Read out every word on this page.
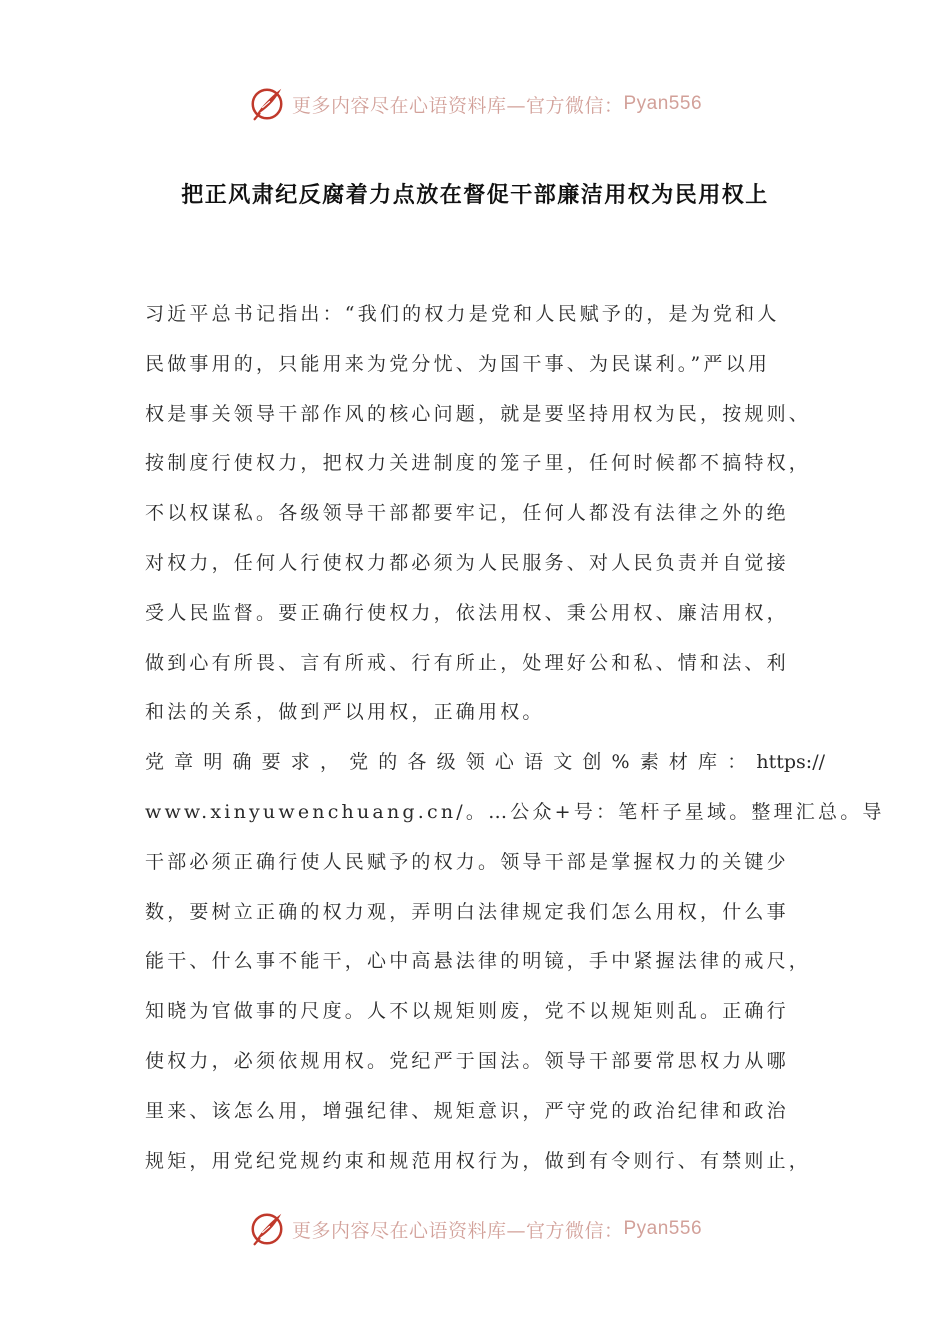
更多内容尽在心语资料库—官方微信： Pyan556
把正风肃纪反腐着力点放在督促干部廉洁用权为民用权上
习近平总书记指出：“我们的权力是党和人民赋予的，是为党和人
民做事用的，只能用来为党分忧、为国干事、为民谋利。”严以用
权是事关领导干部作风的核心问题，就是要坚持用权为民，按规则、
按制度行使权力，把权力关进制度的笼子里，任何时候都不搞特权，
不以权谋私。各级领导干部都要牢记，任何人都没有法律之外的绝
对权力，任何人行使权力都必须为人民服务、对人民负责并自觉接
受人民监督。要正确行使权力，依法用权、秉公用权、廉洁用权，
做到心有所畏、言有所戒、行有所止，处理好公和私、情和法、利
和法的关系，做到严以用权，正确用权。
党章明确要求，党的各级领心语文创%素材库：https://
www.xinyuwenchuang.cn/。…公众+号：笔杆子星域。整理汇总。导
干部必须正确行使人民赋予的权力。领导干部是掌握权力的关键少
数，要树立正确的权力观，弄明白法律规定我们怎么用权，什么事
能干、什么事不能干，心中高悬法律的明镜，手中紧握法律的戒尺，
知晓为官做事的尺度。人不以规矩则废，党不以规矩则乱。正确行
使权力，必须依规用权。党纪严于国法。领导干部要常思权力从哪
里来、该怎么用，增强纪律、规矩意识，严守党的政治纪律和政治
规矩，用党纪党规约束和规范用权行为，做到有令则行、有禁则止，
更多内容尽在心语资料库—官方微信： Pyan556
